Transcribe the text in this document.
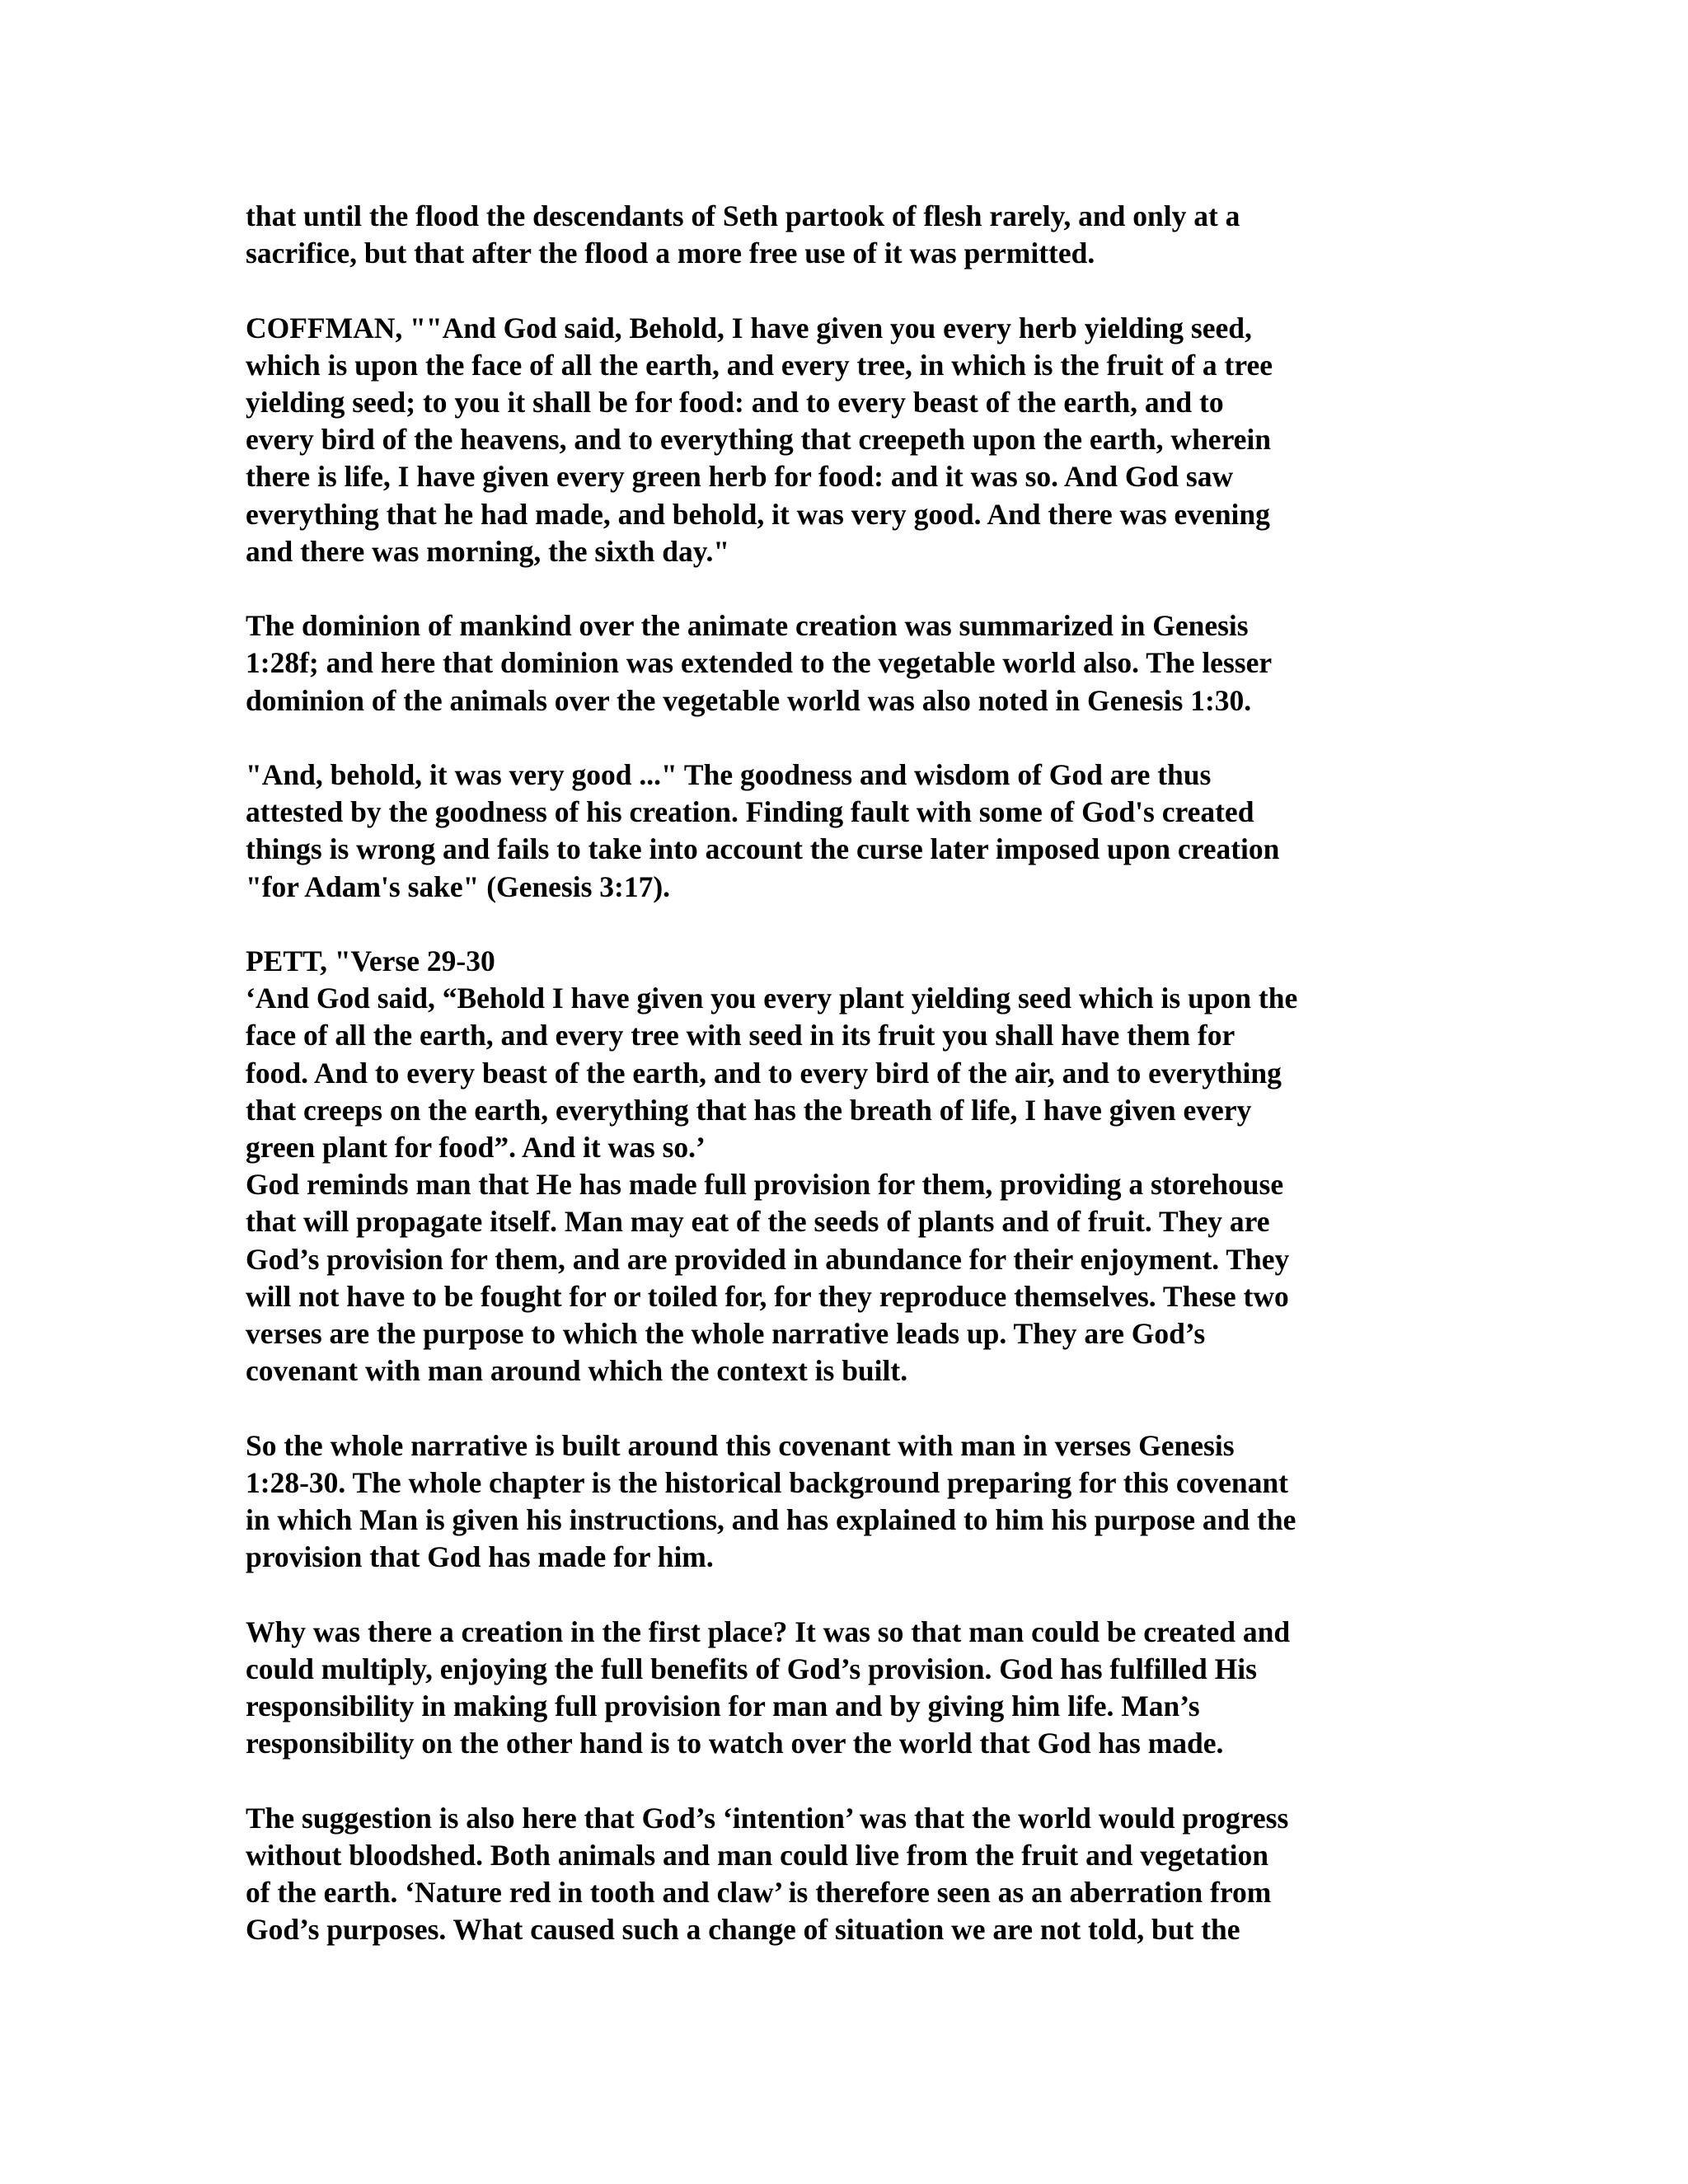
that until the flood the descendants of Seth partook of flesh rarely, and only at a
sacrifice, but that after the flood a more free use of it was permitted.

COFFMAN, ""And God said, Behold, I have given you every herb yielding seed,
which is upon the face of all the earth, and every tree, in which is the fruit of a tree
yielding seed; to you it shall be for food: and to every beast of the earth, and to
every bird of the heavens, and to everything that creepeth upon the earth, wherein
there is life, I have given every green herb for food: and it was so. And God saw
everything that he had made, and behold, it was very good. And there was evening
and there was morning, the sixth day."

The dominion of mankind over the animate creation was summarized in Genesis
1:28f; and here that dominion was extended to the vegetable world also. The lesser
dominion of the animals over the vegetable world was also noted in Genesis 1:30.

"And, behold, it was very good ..." The goodness and wisdom of God are thus
attested by the goodness of his creation. Finding fault with some of God's created
things is wrong and fails to take into account the curse later imposed upon creation
"for Adam's sake" (Genesis 3:17).

PETT, "Verse 29-30
‘And God said, “Behold I have given you every plant yielding seed which is upon the
face of all the earth, and every tree with seed in its fruit you shall have them for
food. And to every beast of the earth, and to every bird of the air, and to everything
that creeps on the earth, everything that has the breath of life, I have given every
green plant for food”. And it was so.’
God reminds man that He has made full provision for them, providing a storehouse
that will propagate itself. Man may eat of the seeds of plants and of fruit. They are
God’s provision for them, and are provided in abundance for their enjoyment. They
will not have to be fought for or toiled for, for they reproduce themselves. These two
verses are the purpose to which the whole narrative leads up. They are God’s
covenant with man around which the context is built.

So the whole narrative is built around this covenant with man in verses Genesis
1:28-30. The whole chapter is the historical background preparing for this covenant
in which Man is given his instructions, and has explained to him his purpose and the
provision that God has made for him.

Why was there a creation in the first place? It was so that man could be created and
could multiply, enjoying the full benefits of God’s provision. God has fulfilled His
responsibility in making full provision for man and by giving him life. Man’s
responsibility on the other hand is to watch over the world that God has made.

The suggestion is also here that God’s ‘intention’ was that the world would progress
without bloodshed. Both animals and man could live from the fruit and vegetation
of the earth. ‘Nature red in tooth and claw’ is therefore seen as an aberration from
God’s purposes. What caused such a change of situation we are not told, but the
